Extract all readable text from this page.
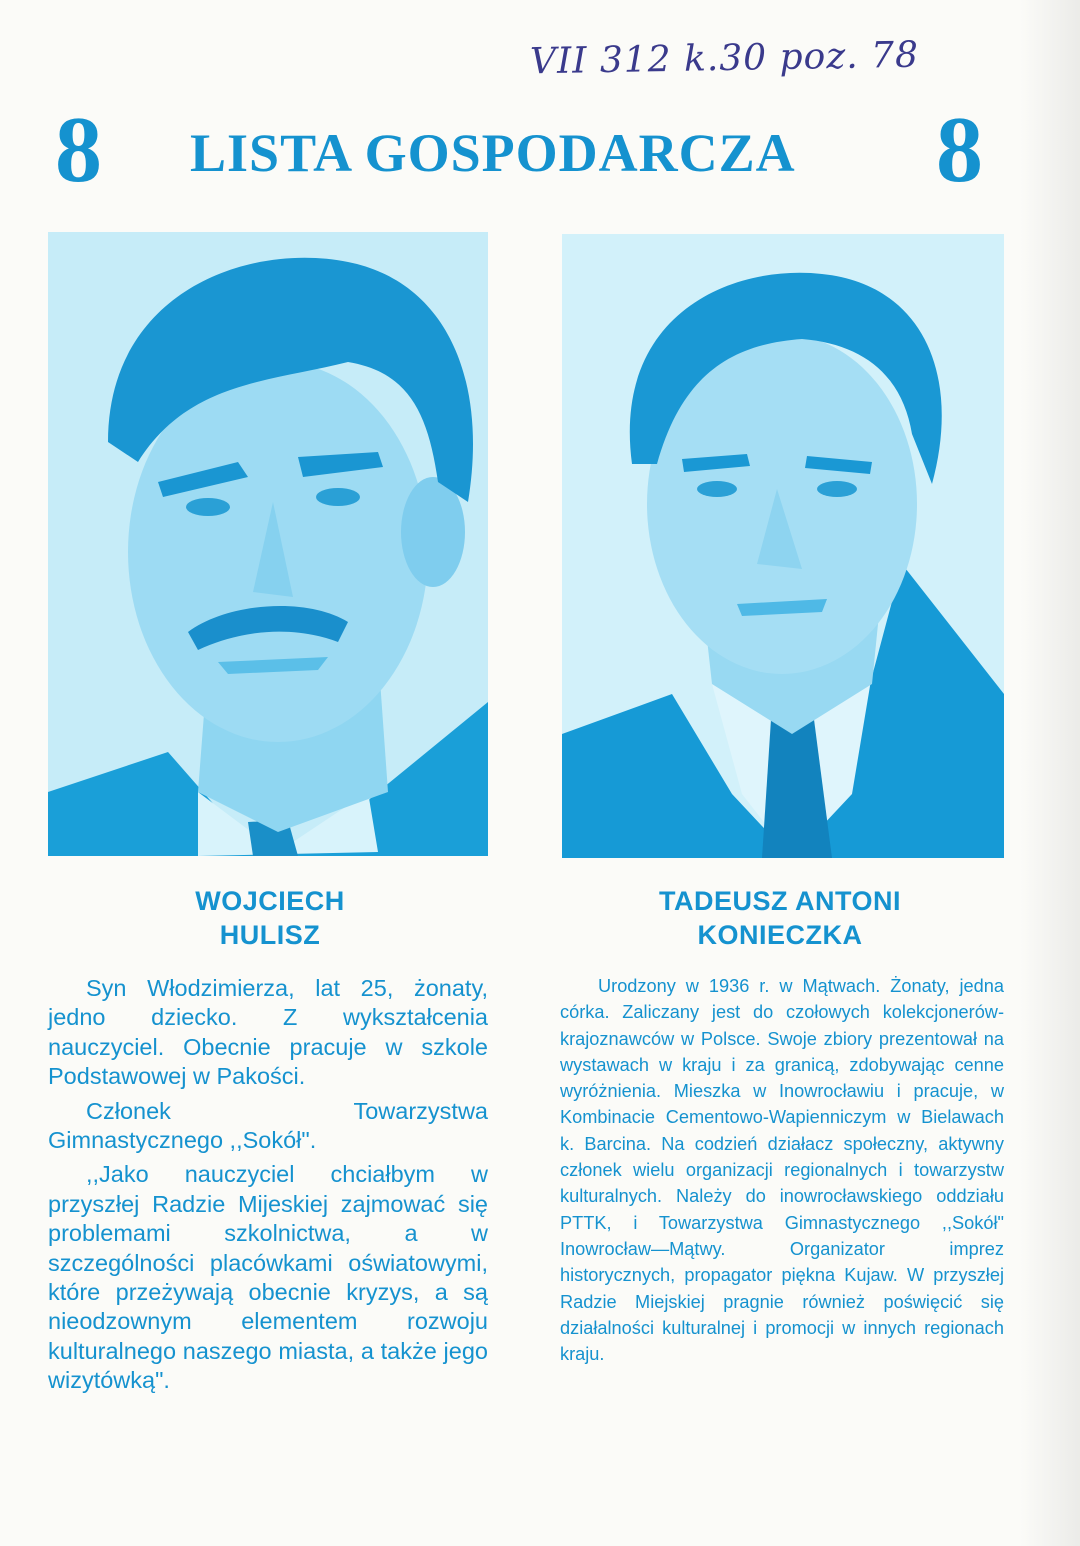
VII 312 k.30 poz. 78
8 LISTA GOSPODARCZA	8
WOJCIECH
HULISZ
TADEUSZ ANTONI
KONIECZKA

Syn Włodzimierza, lat 25, żonaty, jedno dziecko. Z wykształcenia nauczyciel. Obecnie pracuje w szkole Podstawowej w Pakości.

Członek Towarzystwa Gimnastycznego ,,Sokół".

,,Jako nauczyciel chciałbym w przyszłej Radzie Mijeskiej zajmować się problemami szkolnictwa, a w szczególności placówkami oświatowymi, które przeżywają obecnie kryzys, a są nieodzownym elementem rozwoju kulturalnego naszego miasta, a także jego wizytówką".

Urodzony w 1936 r. w Mątwach. Żonaty, jedna córka. Zaliczany jest do czołowych kolekcjonerów-krajoznawców w Polsce. Swoje zbiory prezentował na wystawach w kraju i za granicą, zdobywając cenne wyróżnienia. Mieszka w Inowrocławiu i pracuje, w Kombinacie Cementowo-Wapienniczym w Bielawach k. Barcina. Na codzień działacz społeczny, aktywny członek wielu organizacji regionalnych i towarzystw kulturalnych. Należy do inowrocławskiego oddziału PTTK, i Towarzystwa Gimnastycznego ,,Sokół" Inowrocław—Mątwy. Organizator imprez historycznych, propagator piękna Kujaw. W przyszłej Radzie Miejskiej pragnie również poświęcić się działalności kulturalnej i promocji w innych regionach kraju.
